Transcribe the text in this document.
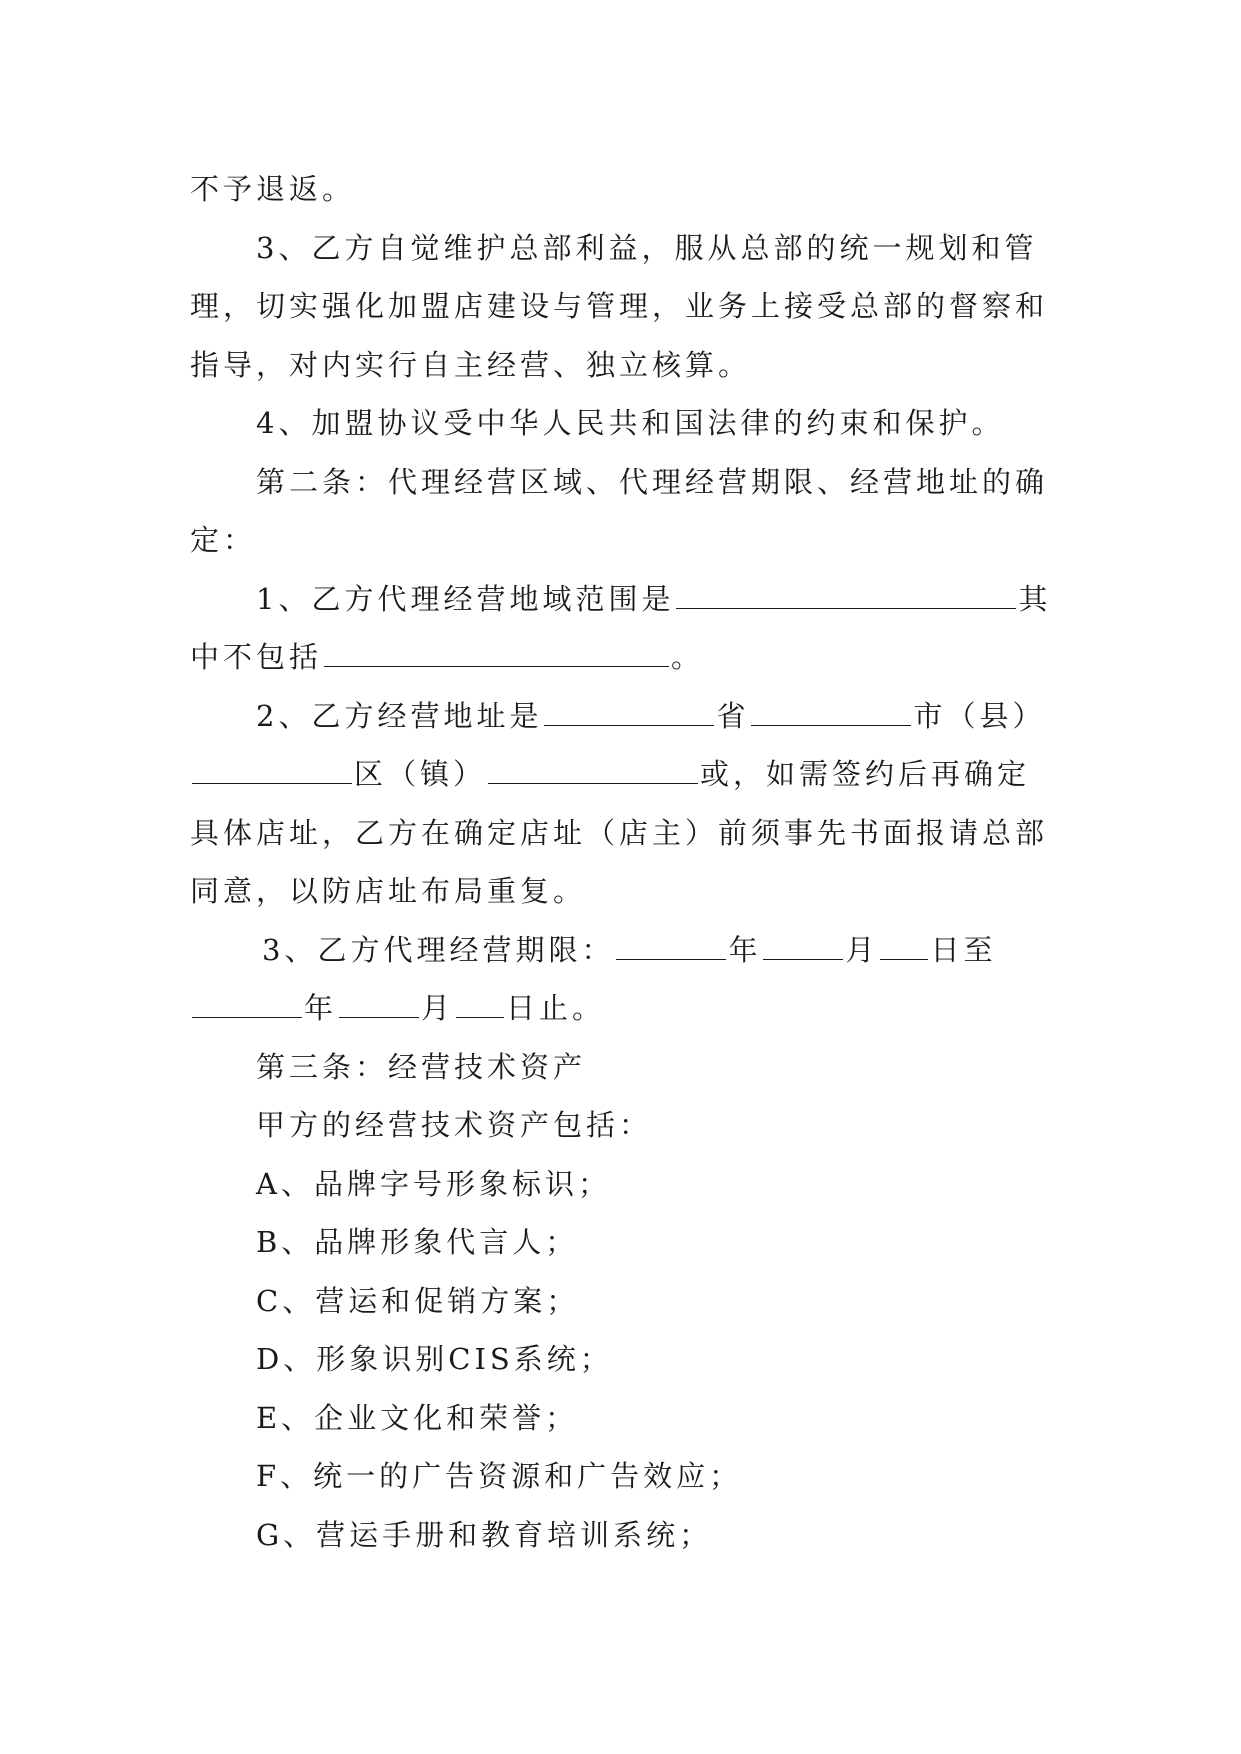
不予退返。
3、乙方自觉维护总部利益，服从总部的统一规划和管
理，切实强化加盟店建设与管理，业务上接受总部的督察和
指导，对内实行自主经营、独立核算。
4、加盟协议受中华人民共和国法律的约束和保护。
第二条：代理经营区域、代理经营期限、经营地址的确
定：
1、乙方代理经营地域范围是	其
中不包括	。
2、乙方经营地址是	省	市（县）
区（镇）	或，如需签约后再确定
具体店址，乙方在确定店址（店主）前须事先书面报请总部
同意，以防店址布局重复。
3、乙方代理经营期限：	年	月 日至
年	月 日止。
第三条：经营技术资产
甲方的经营技术资产包括：
A、品牌字号形象标识；
B、品牌形象代言人；
C、营运和促销方案；
D、形象识别CIS系统；
E、企业文化和荣誉；
F、统一的广告资源和广告效应；
G、营运手册和教育培训系统；
